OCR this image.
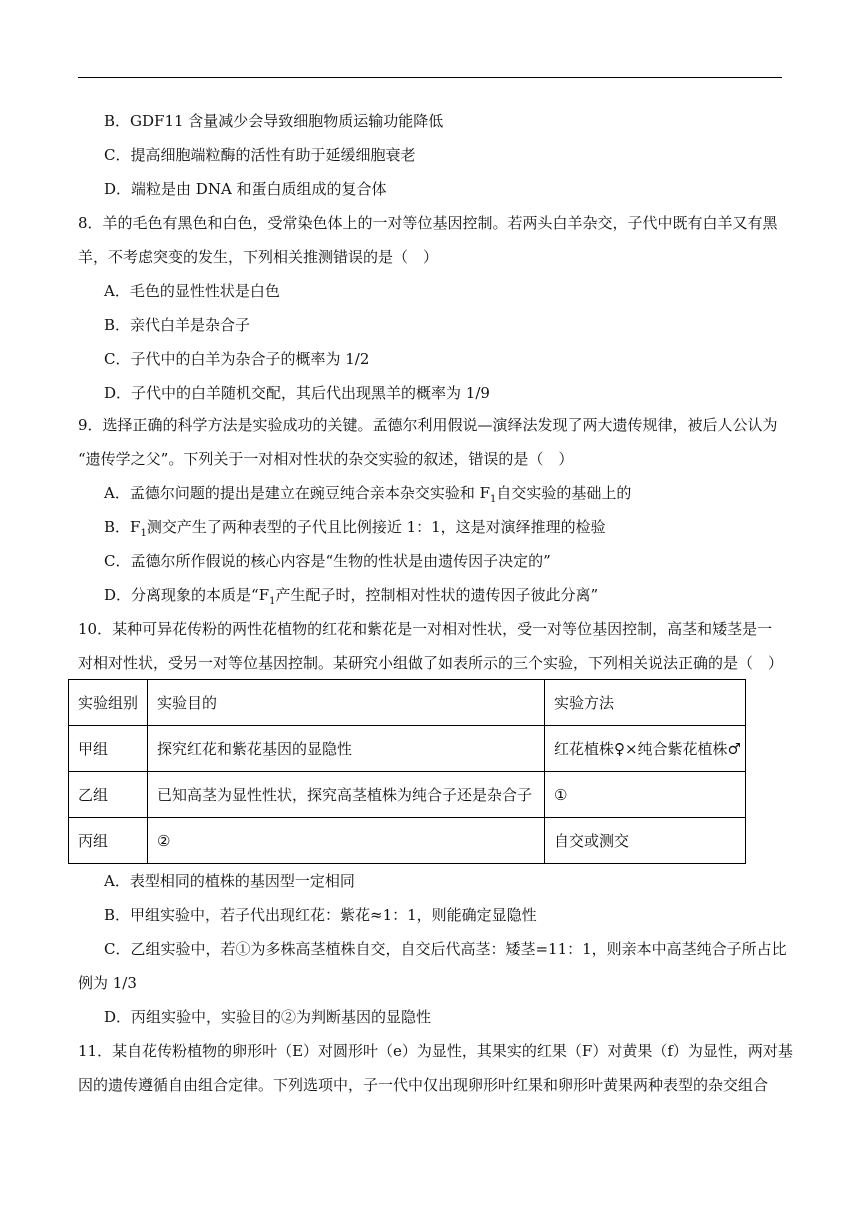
B．GDF11 含量减少会导致细胞物质运输功能降低
C．提高细胞端粒酶的活性有助于延缓细胞衰老
D．端粒是由 DNA 和蛋白质组成的复合体
8．羊的毛色有黑色和白色，受常染色体上的一对等位基因控制。若两头白羊杂交，子代中既有白羊又有黑
羊，不考虑突变的发生，下列相关推测错误的是（　）
A．毛色的显性性状是白色
B．亲代白羊是杂合子
C．子代中的白羊为杂合子的概率为 1/2
D．子代中的白羊随机交配，其后代出现黑羊的概率为 1/9
9．选择正确的科学方法是实验成功的关键。孟德尔利用假说—演绎法发现了两大遗传规律，被后人公认为
“遗传学之父”。下列关于一对相对性状的杂交实验的叙述，错误的是（　）
A．孟德尔问题的提出是建立在豌豆纯合亲本杂交实验和 $F_1$自交实验的基础上的
B．$F_1$测交产生了两种表型的子代且比例接近 1：1，这是对演绎推理的检验
C．孟德尔所作假说的核心内容是“生物的性状是由遗传因子决定的”
D．分离现象的本质是“$F_1$产生配子时，控制相对性状的遗传因子彼此分离”
10．某种可异花传粉的两性花植物的红花和紫花是一对相对性状，受一对等位基因控制，高茎和矮茎是一
对相对性状，受另一对等位基因控制。某研究小组做了如表所示的三个实验，下列相关说法正确的是（　）
实验组别	实验目的	实验方法
甲组	探究红花和紫花基因的显隐性	红花植株♀×纯合紫花植株♂
乙组	已知高茎为显性性状，探究高茎植株为纯合子还是杂合子	①
丙组	②	自交或测交
A．表型相同的植株的基因型一定相同
B．甲组实验中，若子代出现红花：紫花≈1：1，则能确定显隐性
C．乙组实验中，若①为多株高茎植株自交，自交后代高茎：矮茎=11：1，则亲本中高茎纯合子所占比
例为 1/3
D．丙组实验中，实验目的②为判断基因的显隐性
11．某自花传粉植物的卵形叶（E）对圆形叶（e）为显性，其果实的红果（F）对黄果（f）为显性，两对基
因的遗传遵循自由组合定律。下列选项中，子一代中仅出现卵形叶红果和卵形叶黄果两种表型的杂交组合
